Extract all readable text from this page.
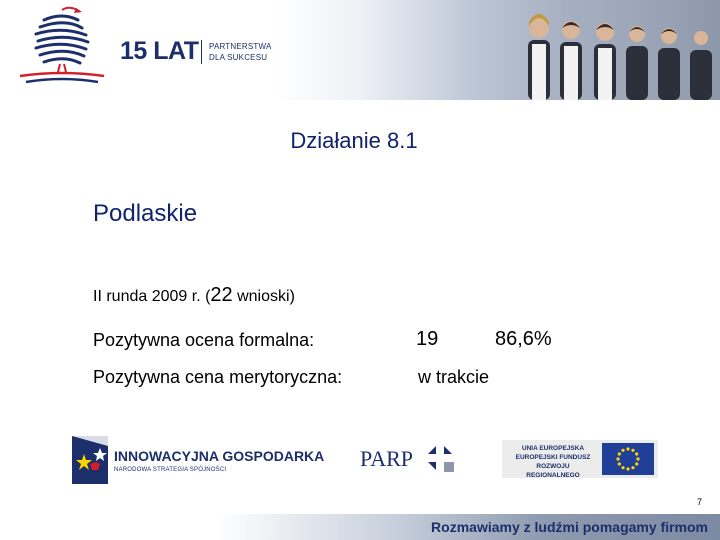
15 LAT PARTNERSTWA
DLA SUKCESU
Działanie 8.1
Podlaskie
II runda 2009 r. (22 wnioski)
Pozytywna ocena formalna:	19	86,6%
Pozytywna cena merytoryczna:	w trakcie
INNOWACYJNA GOSPODARKA
NARODOWA STRATEGIA SPÓJNOŚCI	PARP	UNIA EUROPEJSKA
EUROPEJSKI FUNDUSZ
ROZWOJU REGIONALNEGO
7
Rozmawiamy z ludźmi pomagamy firmom
